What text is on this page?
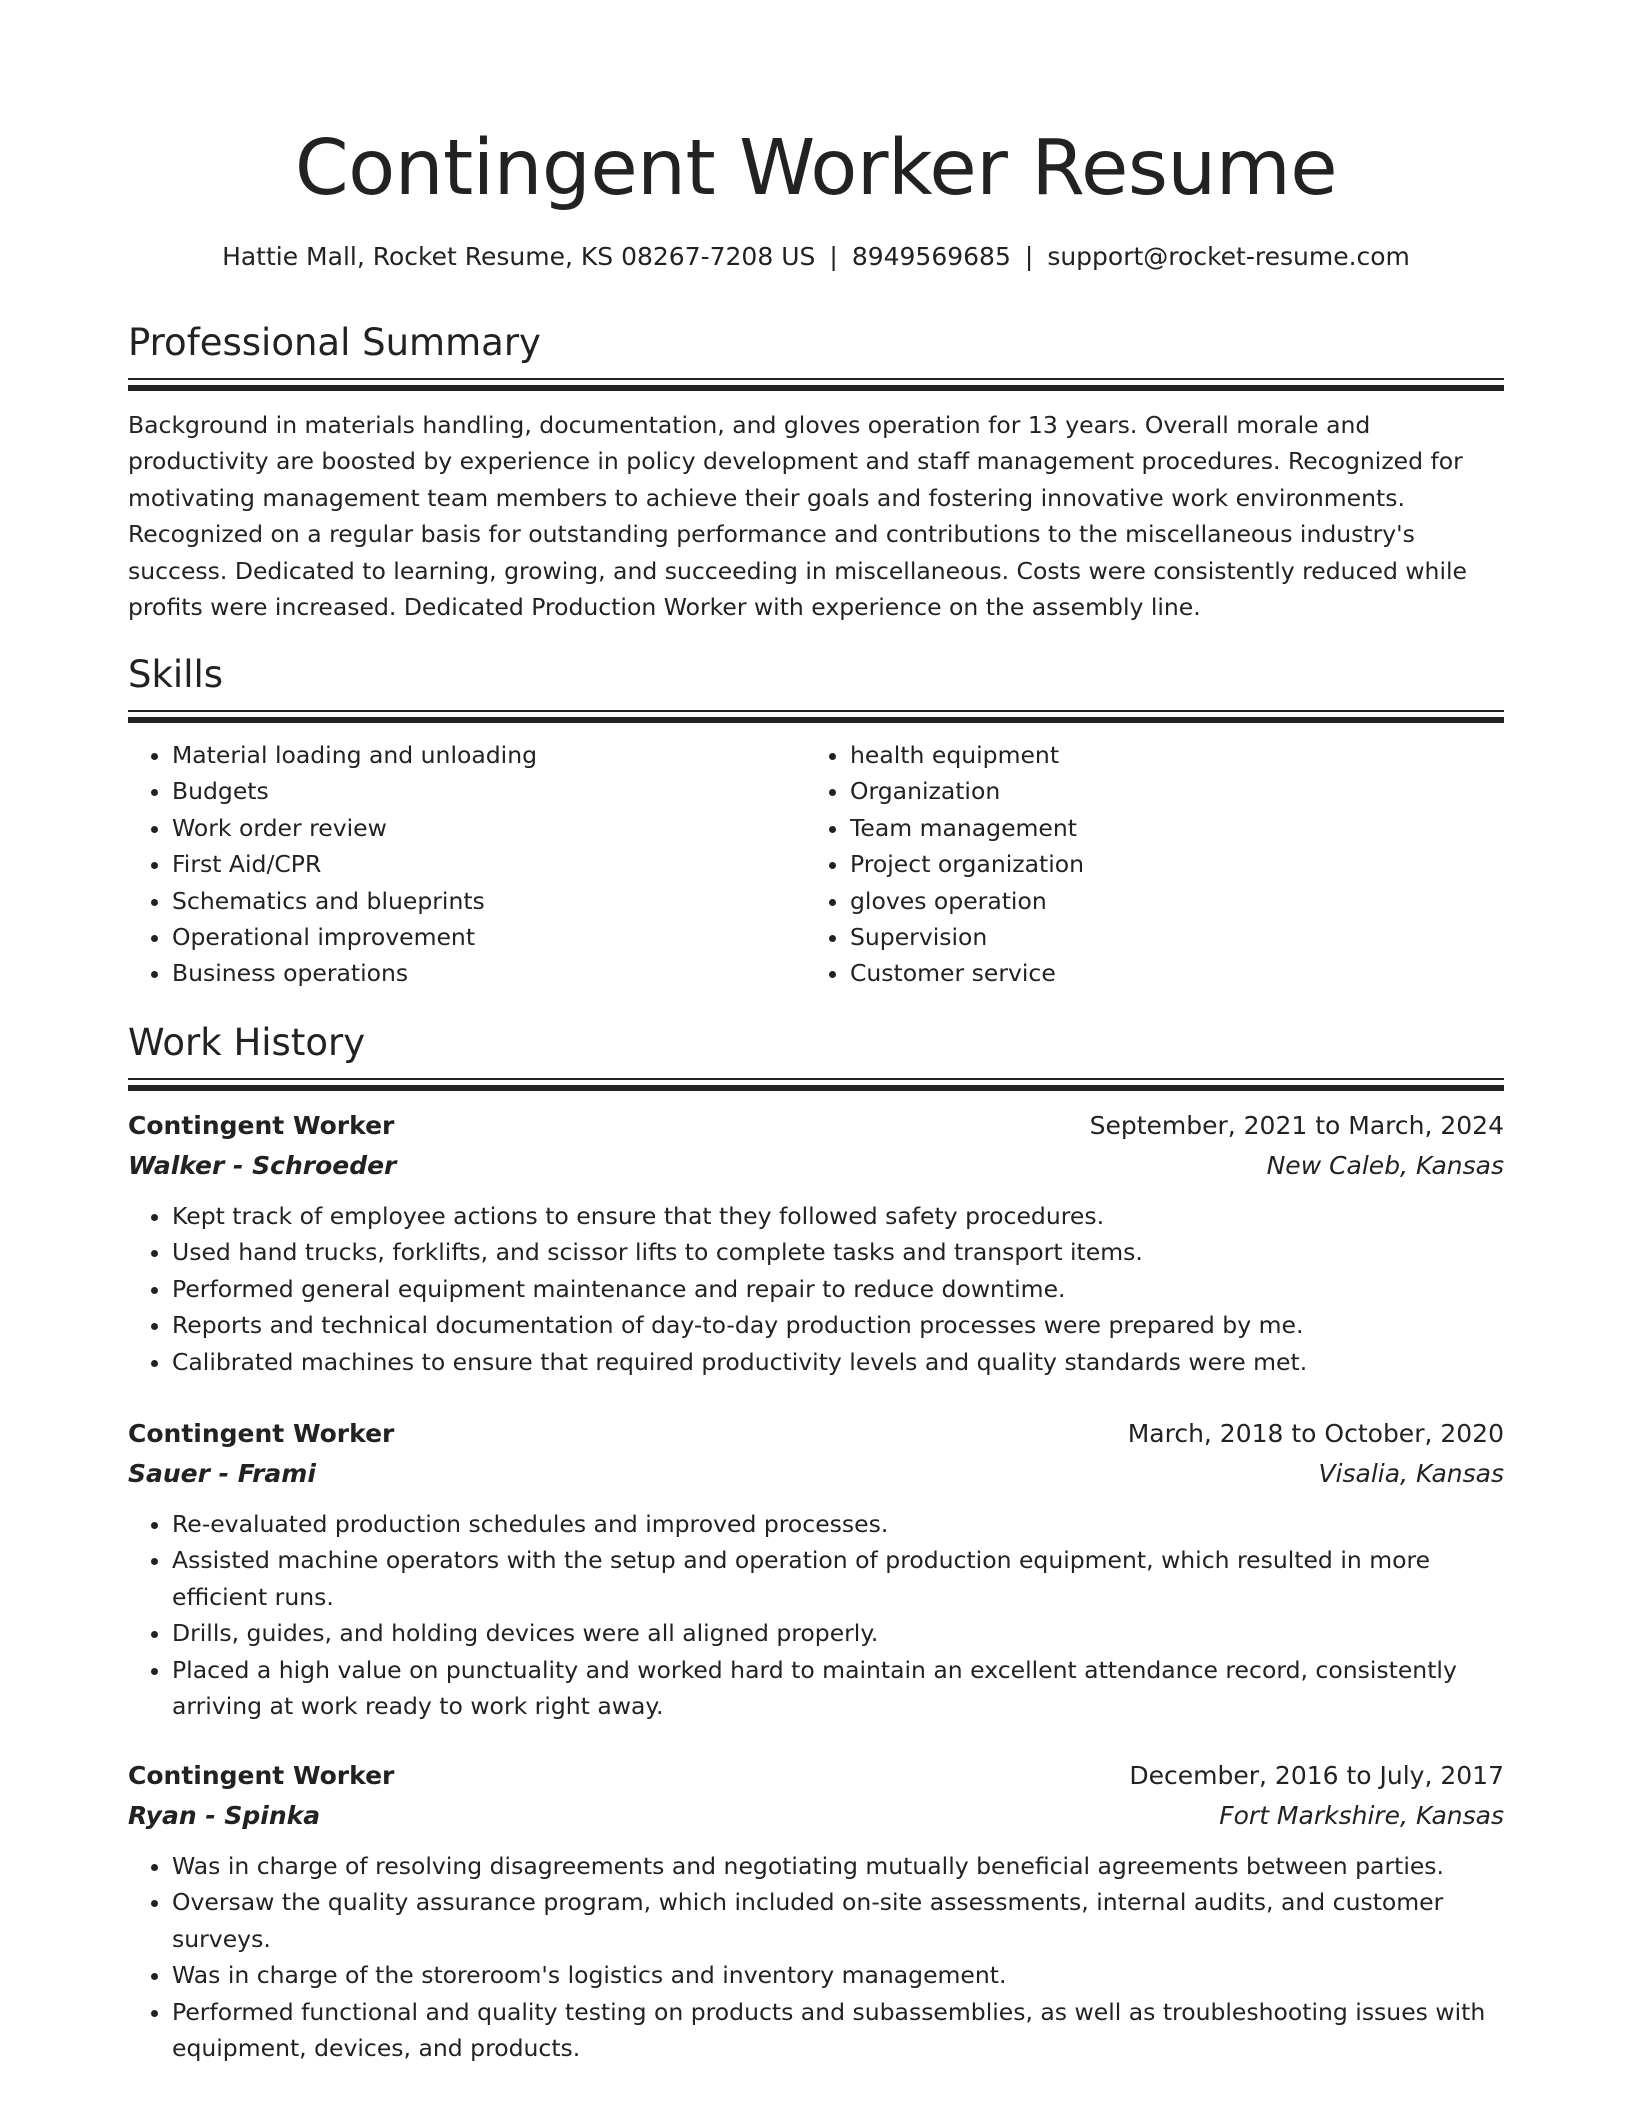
Contingent Worker Resume
Hattie Mall, Rocket Resume, KS 08267-7208 US | 8949569685 | support@rocket-resume.com
Professional Summary

Background in materials handling, documentation, and gloves operation for 13 years. Overall morale and productivity are boosted by experience in policy development and staff management procedures. Recognized for motivating management team members to achieve their goals and fostering innovative work environments. Recognized on a regular basis for outstanding performance and contributions to the miscellaneous industry's success. Dedicated to learning, growing, and succeeding in miscellaneous. Costs were consistently reduced while profits were increased. Dedicated Production Worker with experience on the assembly line.

Skills
• Material loading and unloading
• Budgets
• Work order review
• First Aid/CPR
• Schematics and blueprints
• Operational improvement
• Business operations
• health equipment
• Organization
• Team management
• Project organization
• gloves operation
• Supervision
• Customer service
Work History
Contingent Worker	September, 2021 to March, 2024
Walker - Schroeder	New Caleb, Kansas
• Kept track of employee actions to ensure that they followed safety procedures.
• Used hand trucks, forklifts, and scissor lifts to complete tasks and transport items.
• Performed general equipment maintenance and repair to reduce downtime.
• Reports and technical documentation of day-to-day production processes were prepared by me.
• Calibrated machines to ensure that required productivity levels and quality standards were met.
Contingent Worker	March, 2018 to October, 2020
Sauer - Frami	Visalia, Kansas
• Re-evaluated production schedules and improved processes.
• Assisted machine operators with the setup and operation of production equipment, which resulted in more efficient runs.
• Drills, guides, and holding devices were all aligned properly.
• Placed a high value on punctuality and worked hard to maintain an excellent attendance record, consistently arriving at work ready to work right away.
Contingent Worker	December, 2016 to July, 2017
Ryan - Spinka	Fort Markshire, Kansas
• Was in charge of resolving disagreements and negotiating mutually beneficial agreements between parties.
• Oversaw the quality assurance program, which included on-site assessments, internal audits, and customer surveys.
• Was in charge of the storeroom's logistics and inventory management.
• Performed functional and quality testing on products and subassemblies, as well as troubleshooting issues with equipment, devices, and products.
